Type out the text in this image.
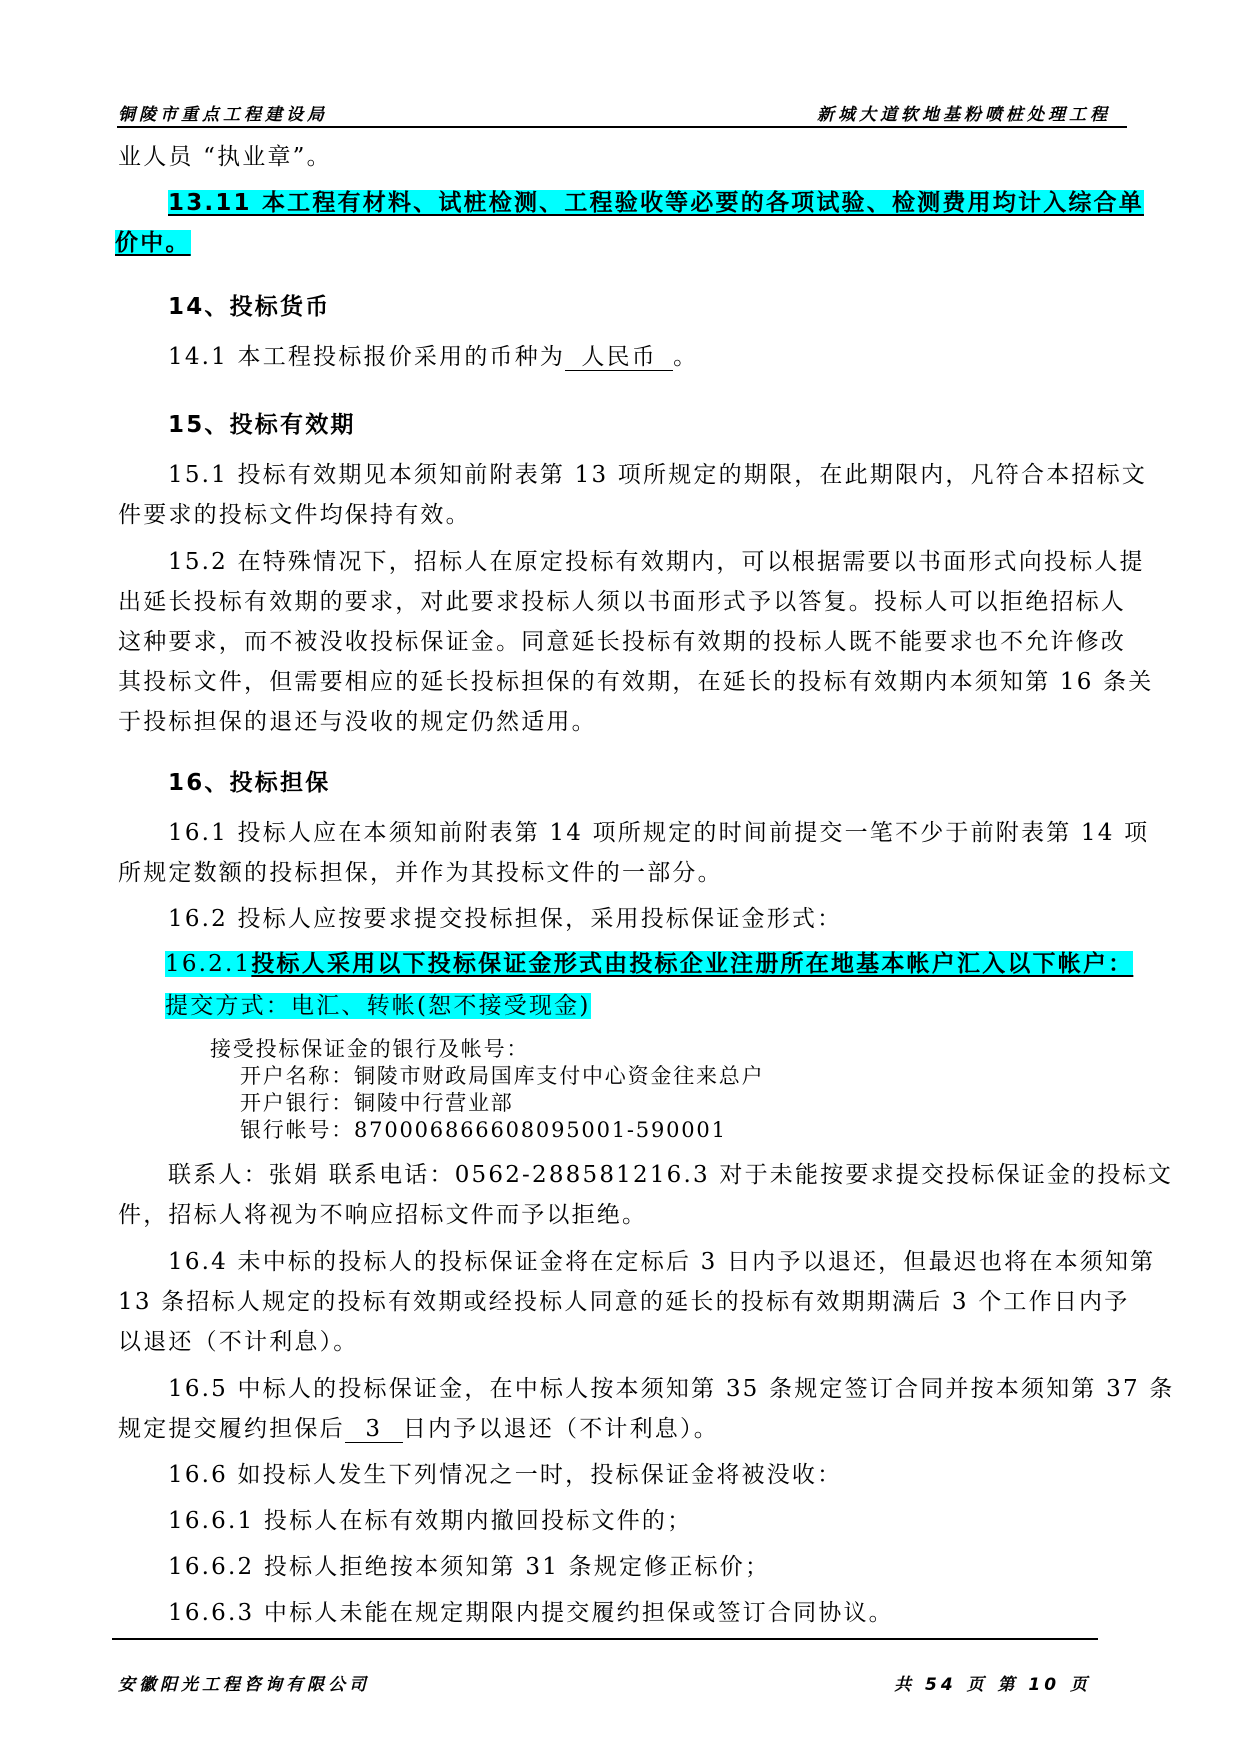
铜陵市重点工程建设局	新城大道软地基粉喷桩处理工程
业人员 “执业章”。
13.11 本工程有材料、试桩检测、工程验收等必要的各项试验、检测费用均计入综合单
价中。
14、投标货币
14.1 本工程投标报价采用的币种为 人民币 。
15、投标有效期
15.1 投标有效期见本须知前附表第 13 项所规定的期限，在此期限内，凡符合本招标文
件要求的投标文件均保持有效。
15.2 在特殊情况下，招标人在原定投标有效期内，可以根据需要以书面形式向投标人提
出延长投标有效期的要求，对此要求投标人须以书面形式予以答复。投标人可以拒绝招标人
这种要求，而不被没收投标保证金。同意延长投标有效期的投标人既不能要求也不允许修改
其投标文件，但需要相应的延长投标担保的有效期，在延长的投标有效期内本须知第 16 条关
于投标担保的退还与没收的规定仍然适用。
16、投标担保
16.1 投标人应在本须知前附表第 14 项所规定的时间前提交一笔不少于前附表第 14 项
所规定数额的投标担保，并作为其投标文件的一部分。
16.2 投标人应按要求提交投标担保，采用投标保证金形式：
16.2.1投标人采用以下投标保证金形式由投标企业注册所在地基本帐户汇入以下帐户：
提交方式：电汇、转帐(恕不接受现金)
接受投标保证金的银行及帐号：
开户名称：铜陵市财政局国库支付中心资金往来总户
开户银行：铜陵中行营业部
银行帐号：870006866608095001-590001
联系人：张娟 联系电话：0562-288581216.3 对于未能按要求提交投标保证金的投标文
件，招标人将视为不响应招标文件而予以拒绝。
16.4 未中标的投标人的投标保证金将在定标后 3 日内予以退还，但最迟也将在本须知第
13 条招标人规定的投标有效期或经投标人同意的延长的投标有效期期满后 3 个工作日内予
以退还（不计利息）。
16.5 中标人的投标保证金，在中标人按本须知第 35 条规定签订合同并按本须知第 37 条
规定提交履约担保后 3 日内予以退还（不计利息）。
16.6 如投标人发生下列情况之一时，投标保证金将被没收：
16.6.1 投标人在标有效期内撤回投标文件的；
16.6.2 投标人拒绝按本须知第 31 条规定修正标价；
16.6.3 中标人未能在规定期限内提交履约担保或签订合同协议。
安徽阳光工程咨询有限公司	共 54 页 第 10 页
